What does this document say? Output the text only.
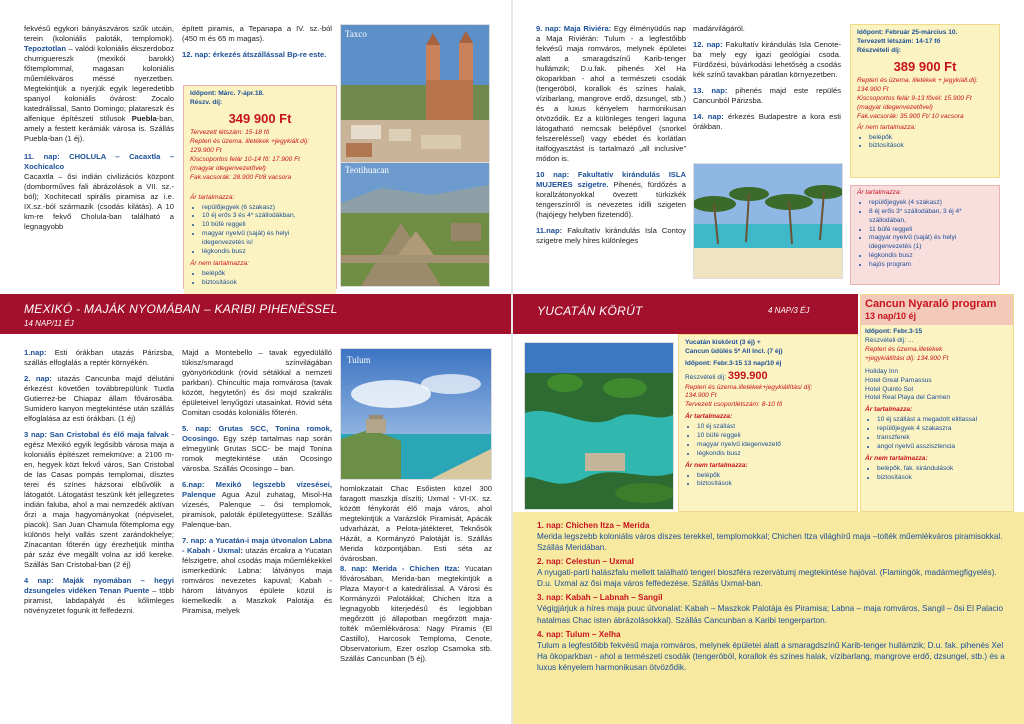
fekvésű egykori bányászváros szűk utcáin, terein (koloniális paloták, templomok). Tepoztotlan – valódi koloniális ékszerdoboz churriguereszk (mexikói barokk) főtemplommal, magasan koloniális műemlékváros méssé nyerzetben. Megtekintjük a nyerjük egyik legeredetibb spanyol koloniális óvárost: Zocalo katedrálissal, Santo Domingo; platareszk és alfenique építészeti stílusok Puebla-ban, amely a festett kerámiák városa is. Szállás Puebla-ban (1 éj).

11. nap: CHOLULA – Cacaxtla – Xochicalco
Cacaxtla – ősi indián civilizációs központ (domborműves fali ábrázolások a VII. sz.-ból); Xochitecatl spirális piramisa az i.e. IX.sz.-ból származik (csodás kilátás). A 10 km-re fekvő Cholula-ban található a legnagyobb

épített piramis, a Tepanapa a IV. sz.-ból (450 m és 65 m magas).

12. nap: érkezés átszállással Bp-re este.

Időpont: Márc. 7-ápr.18.
Részv. díj:
349 900 Ft
Tervezett létszám: 15-18 fő
Repteri és üzema. illetékek +jegykiáll.díj:
129.900 Ft
Kiscsoportos felár 10-14 fő: 17.900 Ft
(magyar idegenvezetővel)
Fak.vacsorák: 28.900 Ft/8 vacsora
Ár tartalmazza:
• repülőjegyek (6 szakasz)
• 10 éj erős 3 és 4* szállodákban,
• 10 büfé reggeli
• magyar nyelvű (saját) és helyi idegenvezetés is!
• légkondis busz
Ár nem tartalmazza:
• belépők
• biztosítások
Taxco
Teotihuacan
MEXIKÓ - MAJÁK NYOMÁBAN – KARIBI PIHENÉSSEL
14 NAP/11 ÉJ

1.nap: Esti órákban utazás Párizsba, szállás elfoglalás a reptér környékén.

2. nap: utazás Cancunba majd délutáni érkezést követően továbbrepülünk Tuxtla Gutierrez-be Chiapaz állam fővárosába. Sumidero kanyon megtekintése után szállás elfoglalása az esti órákban. (1 éj)

3 nap: San Cristobal és élő maja falvak - egész Mexikó egyik legősibb városa maja a koloniális építészet remekmüve: a 2100 m-en, hegyek közt fekvő város, San Cristobal de las Casas pompás templomai, dísztes terei és színes házsorai elbűvölik a látogatót. Látogatást teszünk két jellegzetes indián faluba, ahol a mai nemzedék aktívan őrzi a maja hagyományokat (népviselet, piacok). San Juan Chamula főtemploma egy különös helyi vallás szent zarándokhelye; Zinacantan főterén úgy érezhetjük mintha pár száz éve megállt volna az idő kereke. Szállás San Cristobal-ban (2 éj)

4 nap: Maják nyomában – hegyi dzsungeles vidéken Tenan Puente – több piramist, labdapályát és kőlimleges növényzetet fogunk itt felfedezni.

Majd a Montebello – tavak egyedülálló tükisz/smaragd színvilágában gyönyörködünk (rövid sétákkal a nemzeti parkban). Chincultic maja romvárosa (tavak között, hegytetőn) és ősi mojd szakrális épületeivel lenyűgözi utasainkat. Rövid séta Comitan csodás koloniális főterén.

5. nap: Grutas SCC, Tonina romok, Ocosingo. Egy szép tartalmas nap során elmegyünk Grutas SCC- be majd Tonina romok megtekintése után Ocosingo városba. Szállás Ocosingo – ban.

6.nap: Mexikó legszebb vízesései, Palenque Agua Azul zuhatag, Misol-Ha vízesés, Palenque – ősi templomok, piramisok, paloták épületegyüttese. Szállás Palenque-ban.

7. nap: a Yucatán-i maja útvonalon Labna - Kabah - Uxmal: utazás ércakra a Yucatan félszigetre, ahol csodás maja műemlékekkel ismerkedünk: Labna: látványos maja romváros nevezetes kapuval; Kabah - három látványos épülete közül is kiemelkedik a Maszkok Palotája és Piramisa, melyek

Tulum

homlokzatait Chac Esőisten közel 300 faragott maszkja díszíti; Uxmal - VI-IX. sz. között fénykorát élő maja város, ahol megtekintjük a Varázslók Piramisát, Apácák udvarházát, a Pelota-játékteret, Teknősök Házát, a Kormányzó Palotáját is. Szállás Merida központjában. Esti séta az óvárosban.
8. nap: Merida - Chichen Itza: Yucatan fővárosában, Merida-ban megtekintjük a Plaza Mayor-t a katedrálissal. A Városi és Kormányzói Palotákkal; Chichen Itza a legnagyobb kiterjedésű és legjobban megőrzött jó állapotban megőrzött maja-tolték műemlékvárosa: Nagy Piramis (El Castillo), Harcosok Temploma, Cenote, Observatorium, Ezer oszlop Csarnoka stb. Szállás Cancunban (5 éj).

9. nap: Maja Riviéra: Egy élményüdús nap a Maja Riviérán: Tulum - a legfestőibb fekvésű maja romváros, melynek épületei alatt a smaragdszínű Karib-tenger hullámzik; D.u.fak. pihenés Xel Ha ökoparkban - ahol a természeti csodák (tengeröböl, korallok és színes halak, vízibarlang, mangrove erdő, dzsungel, stb.) és a luxus kényelem harmonikusan ötvöződik. Ez a különleges tengeri laguna látogatható nemcsak belépővel (snorkel felszereléssel) vagy ebédet és korlátlan italfogyasztást is tartalmazó „all inclusive” módon is.

10 nap: Fakultatív kirándulás ISLA MUJERES szigetre. Pihenés, fürdőzés a korallzátonyokkal övezett türkizkék tengerszínről is nevezetes idilli szigeten (hajójegy helyben fizetendő).

11.nap: Fakultatív kirándulás Isla Contoy szigetre mely híres különleges

madárvilágáról.

12. nap: Fakultatív kirándulás Isla Cenote-ba mely egy igazi geológiai csoda. Fürdőzési, búvárkodási lehetőség a csodás kék színű tavakban páratlan környezetben.

13. nap: pihenés majd este repülés Cancunból Párizsba.

14. nap: érkezés Budapestre a kora esti órákban.

Időpont: Február 25-március 10.
Tervezett létszám: 14-17 fő
Részvételi díj:
389 900 Ft
Repteri és üzema. illetékek + jegykiáll.díj:
134.900 Ft
Kiscsoportos felár 9-13 fővél: 15.900 Ft
(magyar idegenvezetővel)
Fak.vacsorák: 35.900 Ft/ 10 vacsora
Ár nem tartalmazza:
• belépők
• biztosítások
Ár tartalmazza:
• repülőjegyek (4 szakasz)
• 8 éj erős 3* szállodában, 3 éj 4* szállodában,
• 11 büfé reggeli
• magyar nyelvű (saját) és helyi idegenvezetés (1)
• légkondis busz
• hajós program
YUCATÁN KÖRÚT	4 NAP/3 ÉJ
Yucatán kiskörút (3 éj) +
Cancun üdülés 5* All Incl. (7 éj)
Időpont: Febr.3-15 13 nap/10 éj
Részvételi díj: 399.900
Repteri és üzema.illetékek+jegykiállítási díj:
134.900 Ft
Tervezett csoportlétszám: 8-10 fő
Ár tartalmazza:
• 10 éj szállást
• 10 büfé reggeli
• magyar nyelvű idegenvezető
• légkondis busz
Ár nem tartalmazza:
• belépők
• biztosítások
Cancun Nyaraló program
13 nap/10 éj
Időpont: Febr.3-15
Részvételi díj: ...
Repteri és üzema.illetékek
+jegykiállítási díj: 134.900 Ft
Holiday Inn
Hotel Great Parnassus
Hotel Quinto Sol
Hotel Real Playa del Carmen
Ár tartalmazza:
• 10 éj szállást a megadott elitlassal
• repülőjegyek 4 szakaszra
• transzferek
• angol nyelvű asszisztencia
Ár nem tartalmazza:
• belépők, fak. kirándulások
• biztosítások
1. nap: Chichen Itza – Merida
Merida legszebb koloniális város díszes terekkel, templomokkal; Chichen Itza világhírű maja –tolték műemlékváros piramisokkal. Szállás Meridában.
2. nap: Celestun – Uxmal
A nyugati-parti halászfalu mellett található tengeri bioszféra rezervátumj megtekintése hajóval. (Flamingók, madármegfigyelés). D.u. Uxmal az ősi maja város felfedezése. Szállás Uxmal-ban.
3. nap: Kabah – Labnah – Sangil
Végigjárjuk a híres maja puuc útvonalat: Kabah – Maszkok Palotája és Piramisa; Labna – maja romváros, Sangil – ősi El Palacio hatalmas Chac isten ábrázolásokkal). Szállás Cancunban a Karibi tengerparton.
4. nap: Tulum – Xelha
Tulum a legfestőibb fekvésű maja romváros, melynek épületei alatt a smaragdszínű Karib-tenger hullámzik; D.u. fak. pihenés Xel Ha ökoparkban - ahol a természeti csodák (tengeröböl, korallok és színes halak, vízibarlang, mangrove erdő, dzsungel, stb.) és a luxus kényelem harmonikusan ötvöződik.
